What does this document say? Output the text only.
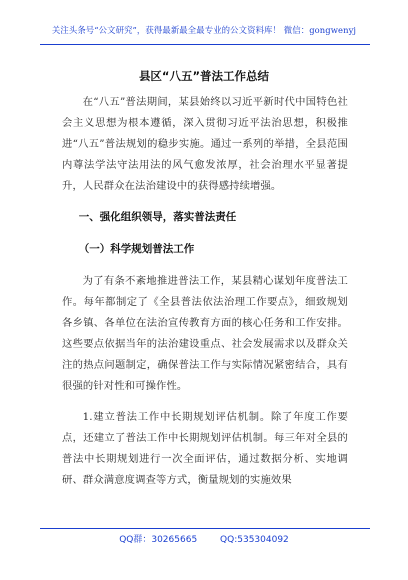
关注头条号“公文研究”，获得最新最全最专业的公文资料库！ 微信：gongwenyj
县区“八五”普法工作总结

在“八五”普法期间，某县始终以习近平新时代中国特色社会主义思想为根本遵循，深入贯彻习近平法治思想，积极推进“八五”普法规划的稳步实施。通过一系列的举措，全县范围内尊法学法守法用法的风气愈发浓厚，社会治理水平显著提升，人民群众在法治建设中的获得感持续增强。

一、强化组织领导，落实普法责任

（一）科学规划普法工作

为了有条不紊地推进普法工作，某县精心谋划年度普法工作。每年都制定了《全县普法依法治理工作要点》，细致规划各乡镇、各单位在法治宣传教育方面的核心任务和工作安排。这些要点依据当年的法治建设重点、社会发展需求以及群众关注的热点问题制定，确保普法工作与实际情况紧密结合，具有很强的针对性和可操作性。

1.建立普法工作中长期规划评估机制。除了年度工作要点，还建立了普法工作中长期规划评估机制。每三年对全县的普法中长期规划进行一次全面评估，通过数据分析、实地调研、群众满意度调查等方式，衡量规划的实施效果

QQ群：30265665        QQ:535304092
